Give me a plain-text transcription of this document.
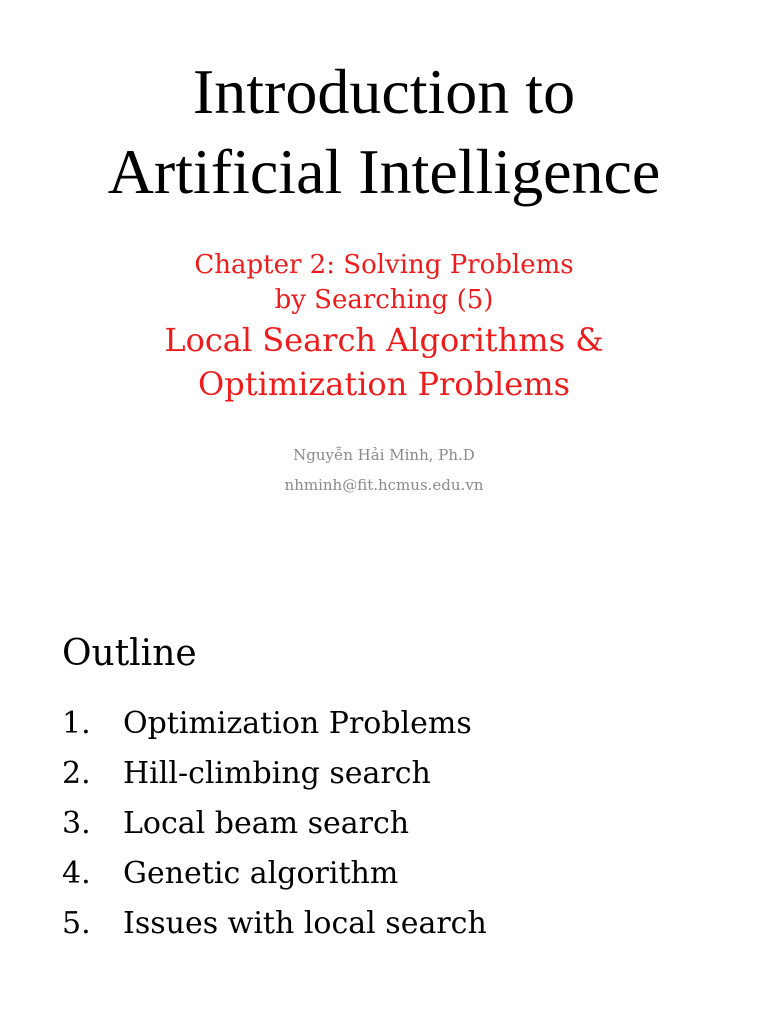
Introduction to
Artificial Intelligence
Chapter 2: Solving Problems
by Searching (5)
Local Search Algorithms &
Optimization Problems
Nguyễn Hải Minh, Ph.D
nhminh@fit.hcmus.edu.vn
Outline
1.	Optimization Problems
2.	Hill-climbing search
3.	Local beam search
4.	Genetic algorithm
5.	Issues with local search
